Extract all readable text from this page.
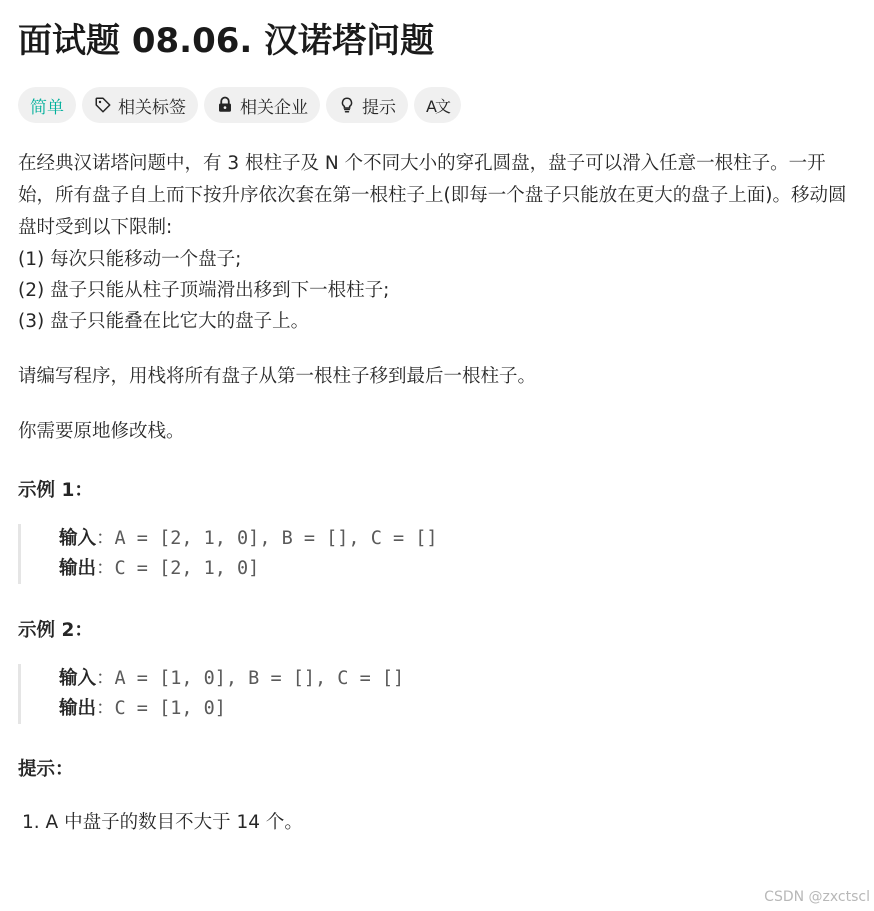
面试题 08.06. 汉诺塔问题
简单	相关标签	相关企业	提示 A文

在经典汉诺塔问题中，有 3 根柱子及 N 个不同大小的穿孔圆盘，盘子可以滑入任意一根柱子。一开始，所有盘子自上而下按升序依次套在第一根柱子上(即每一个盘子只能放在更大的盘子上面)。移动圆盘时受到以下限制:

(1) 每次只能移动一个盘子;

(2) 盘子只能从柱子顶端滑出移到下一根柱子;

(3) 盘子只能叠在比它大的盘子上。

请编写程序，用栈将所有盘子从第一根柱子移到最后一根柱子。

你需要原地修改栈。

示例 1：

输入：A = [2, 1, 0], B = [], C = []
输出：C = [2, 1, 0]

示例 2：

输入：A = [1, 0], B = [], C = []
输出：C = [1, 0]

提示：

1. A 中盘子的数目不大于 14 个。
CSDN @zxctscl
